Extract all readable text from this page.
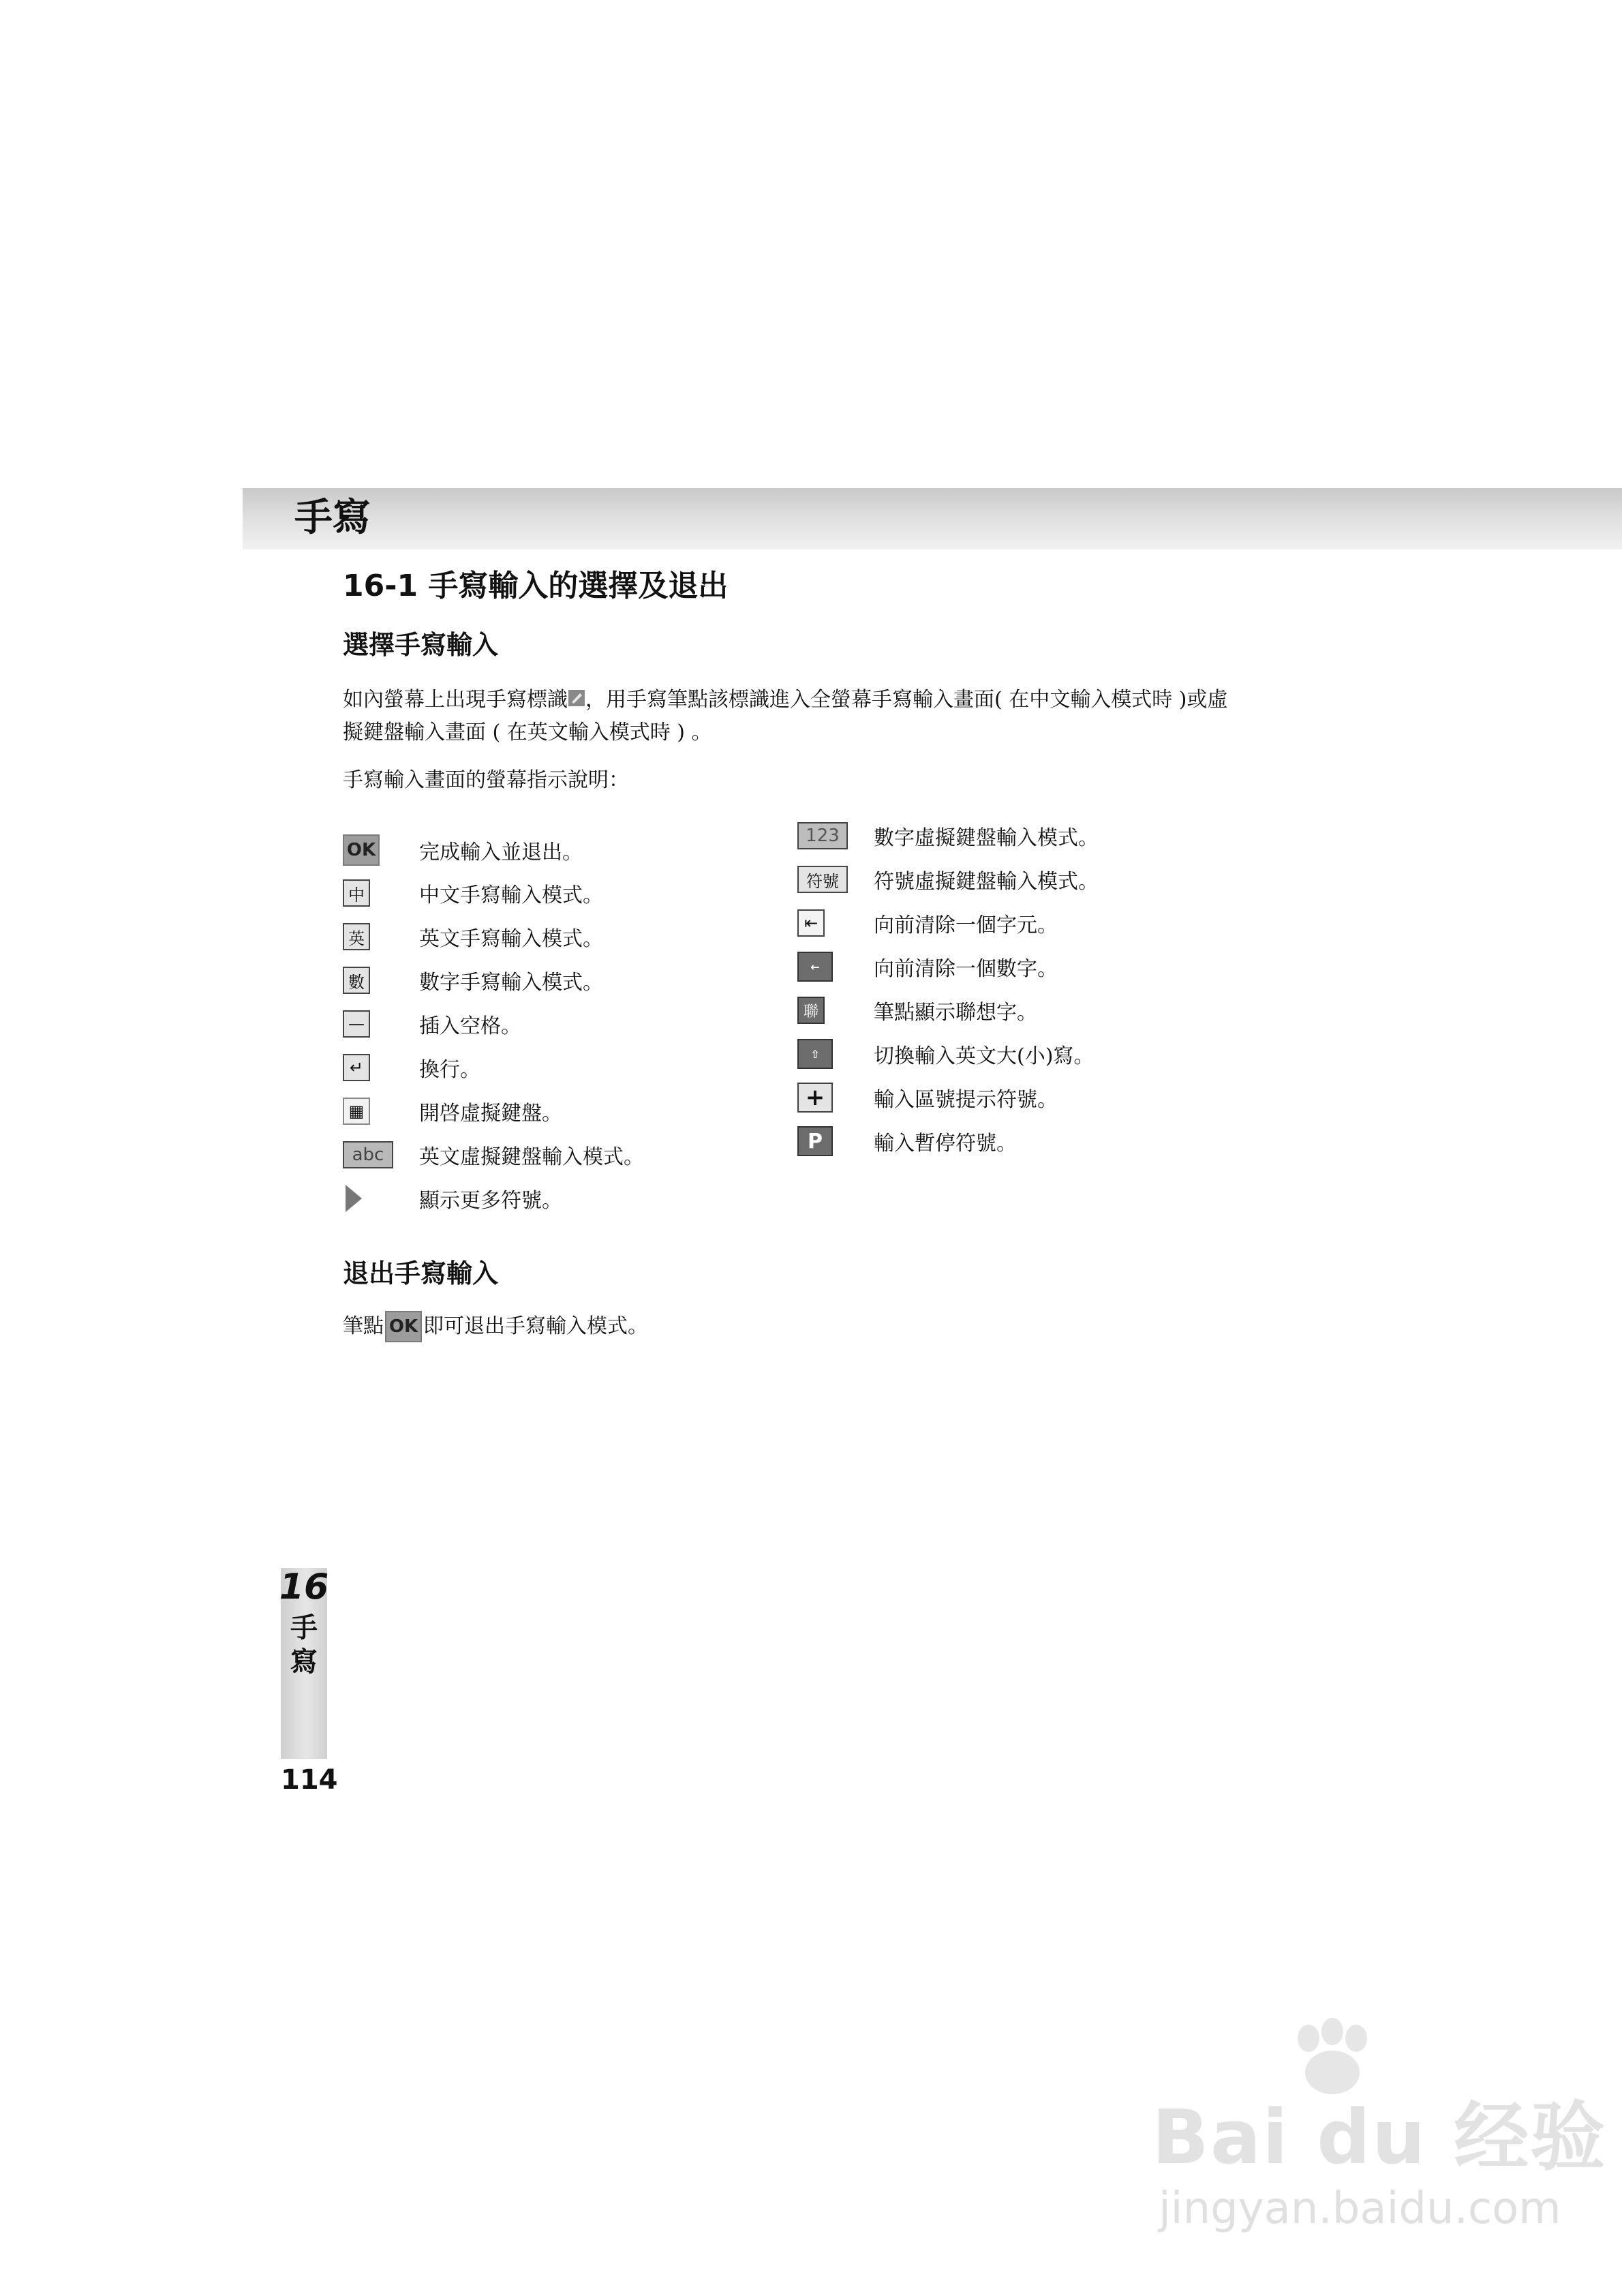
手寫
16-1 手寫輸入的選擇及退出
選擇手寫輸入
如內螢幕上出現手寫標識 ，用手寫筆點該標識進入全螢幕手寫輸入畫面( 在中文輸入模式時 )或虛
擬鍵盤輸入畫面 ( 在英文輸入模式時 ) 。
手寫輸入畫面的螢幕指示說明：
OK 完成輸入並退出。
中	中文手寫輸入模式。
英	英文手寫輸入模式。
數	數字手寫輸入模式。
—	插入空格。
↵	換行。
▦	開啓虛擬鍵盤。
abc	英文虛擬鍵盤輸入模式。
顯示更多符號。
123	數字虛擬鍵盤輸入模式。
符號	符號虛擬鍵盤輸入模式。
⇤	向前清除一個字元。
←	向前清除一個數字。
聯	筆點顯示聯想字。
⇧	切換輸入英文大(小)寫。
+	輸入區號提示符號。
P	輸入暫停符號。
退出手寫輸入
筆點 OK 即可退出手寫輸入模式。
16
手
寫
114
Bai du 经验
jingyan.baidu.com
